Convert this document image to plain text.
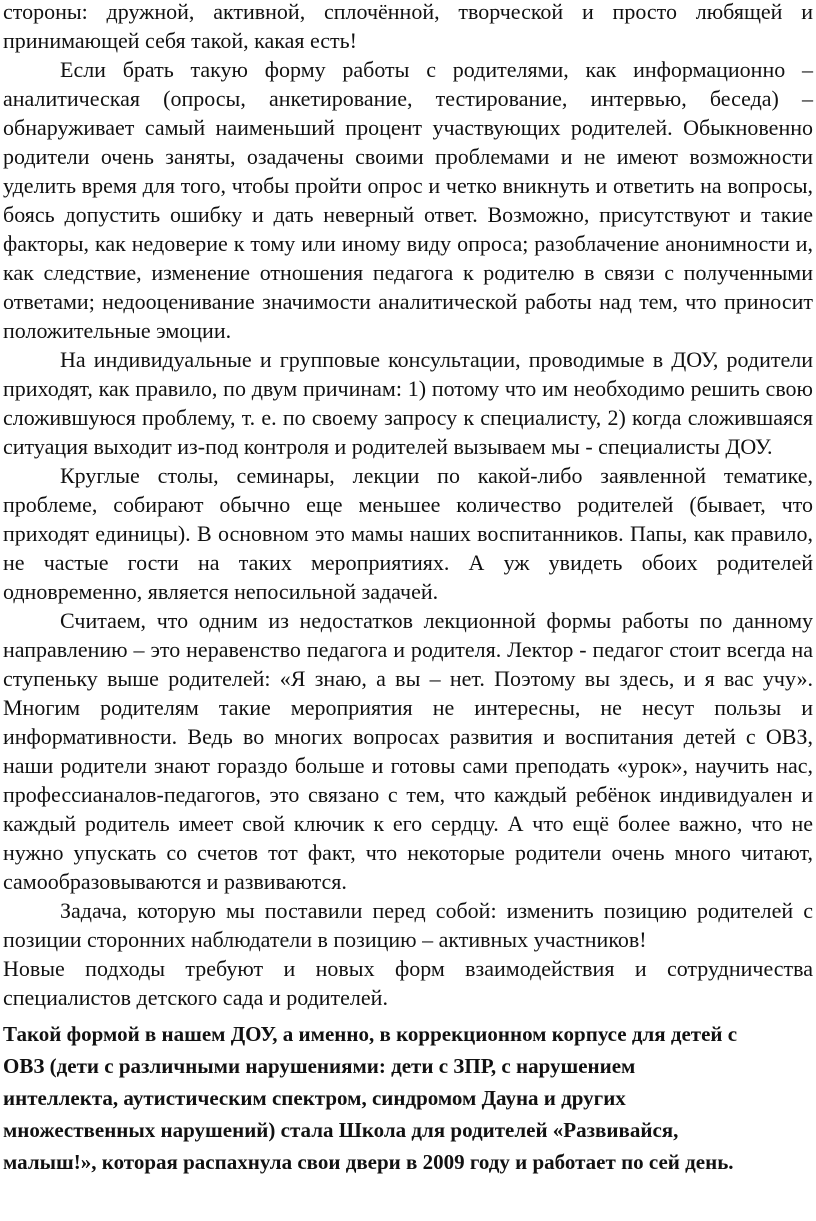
стороны: дружной, активной, сплочённой, творческой и просто любящей и принимающей себя такой, какая есть!

Если брать такую форму работы с родителями, как информационно – аналитическая (опросы, анкетирование, тестирование, интервью, беседа) – обнаруживает самый наименьший процент участвующих родителей. Обыкновенно родители очень заняты, озадачены своими проблемами и не имеют возможности уделить время для того, чтобы пройти опрос и четко вникнуть и ответить на вопросы, боясь допустить ошибку и дать неверный ответ. Возможно, присутствуют и такие факторы, как недоверие к тому или иному виду опроса; разоблачение анонимности и, как следствие, изменение отношения педагога к родителю в связи с полученными ответами; недооценивание значимости аналитической работы над тем, что приносит положительные эмоции.

На индивидуальные и групповые консультации, проводимые в ДОУ, родители приходят, как правило, по двум причинам: 1) потому что им необходимо решить свою сложившуюся проблему, т. е. по своему запросу к специалисту, 2) когда сложившаяся ситуация выходит из-под контроля и родителей вызываем мы - специалисты ДОУ.

Круглые столы, семинары, лекции по какой-либо заявленной тематике, проблеме, собирают обычно еще меньшее количество родителей (бывает, что приходят единицы). В основном это мамы наших воспитанников. Папы, как правило, не частые гости на таких мероприятиях. А уж увидеть обоих родителей одновременно, является непосильной задачей.

Считаем, что одним из недостатков лекционной формы работы по данному направлению – это неравенство педагога и родителя. Лектор - педагог стоит всегда на ступеньку выше родителей: «Я знаю, а вы – нет. Поэтому вы здесь, и я вас учу». Многим родителям такие мероприятия не интересны, не несут пользы и информативности. Ведь во многих вопросах развития и воспитания детей с ОВЗ, наши родители знают гораздо больше и готовы сами преподать «урок», научить нас, профессианалов-педагогов, это связано с тем, что каждый ребёнок индивидуален и каждый родитель имеет свой ключик к его сердцу. А что ещё более важно, что не нужно упускать со счетов тот факт, что некоторые родители очень много читают, самообразовываются и развиваются.

Задача, которую мы поставили перед собой: изменить позицию родителей с позиции сторонних наблюдатели в позицию – активных участников!

Новые подходы требуют и новых форм взаимодействия и сотрудничества специалистов детского сада и родителей.

Такой формой в нашем ДОУ, а именно, в коррекционном корпусе для детей с
ОВЗ (дети с различными нарушениями: дети с ЗПР, с нарушением
интеллекта, аутистическим спектром, синдромом Дауна и других
множественных нарушений) стала Школа для родителей «Развивайся,
малыш!», которая распахнула свои двери в 2009 году и работает по сей день.
